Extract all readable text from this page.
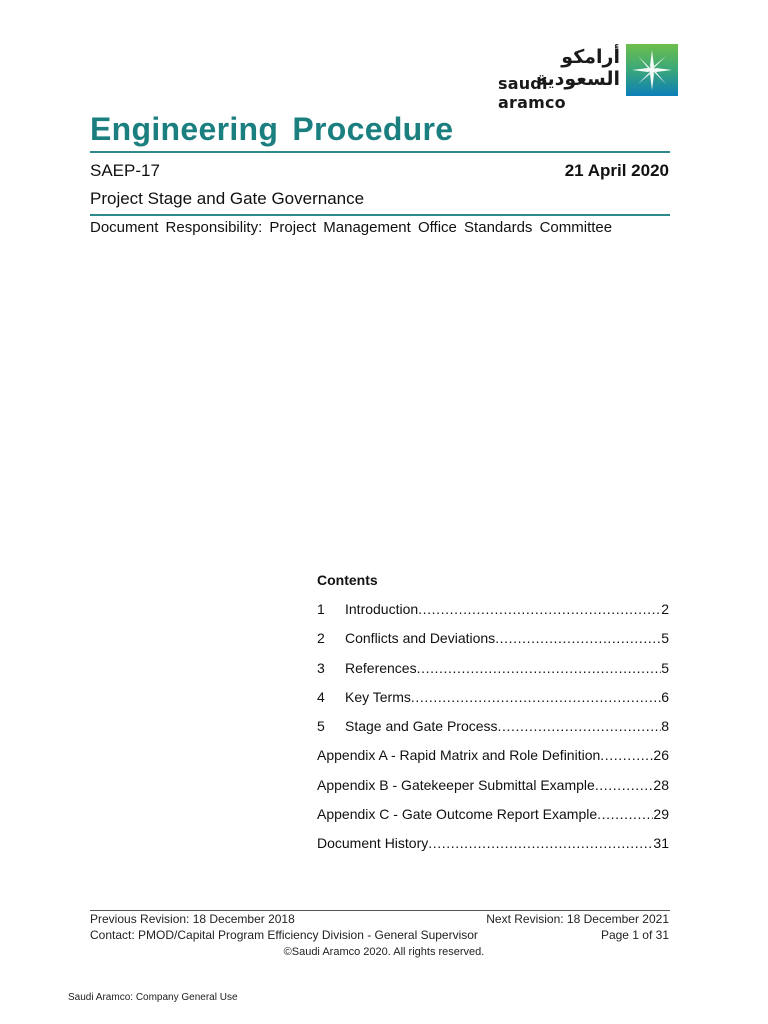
أرامكو السعودية
saudi aramco
Engineering Procedure
SAEP-17	21 April 2020
Project Stage and Gate Governance
Document Responsibility: Project Management Office Standards Committee
Contents
1	Introduction .....	2
2	Conflicts and Deviations .....	5
3	References .....	5
4	Key Terms .....	6
5	Stage and Gate Process .....	8
Appendix A - Rapid Matrix and Role Definition .....	26
Appendix B - Gatekeeper Submittal Example .....	28
Appendix C - Gate Outcome Report Example .....	29
Document History .....	31
Previous Revision: 18 December 2018	Next Revision: 18 December 2021
Contact: PMOD/Capital Program Efficiency Division - General Supervisor	Page 1 of 31
©Saudi Aramco 2020. All rights reserved.
Saudi Aramco: Company General Use
